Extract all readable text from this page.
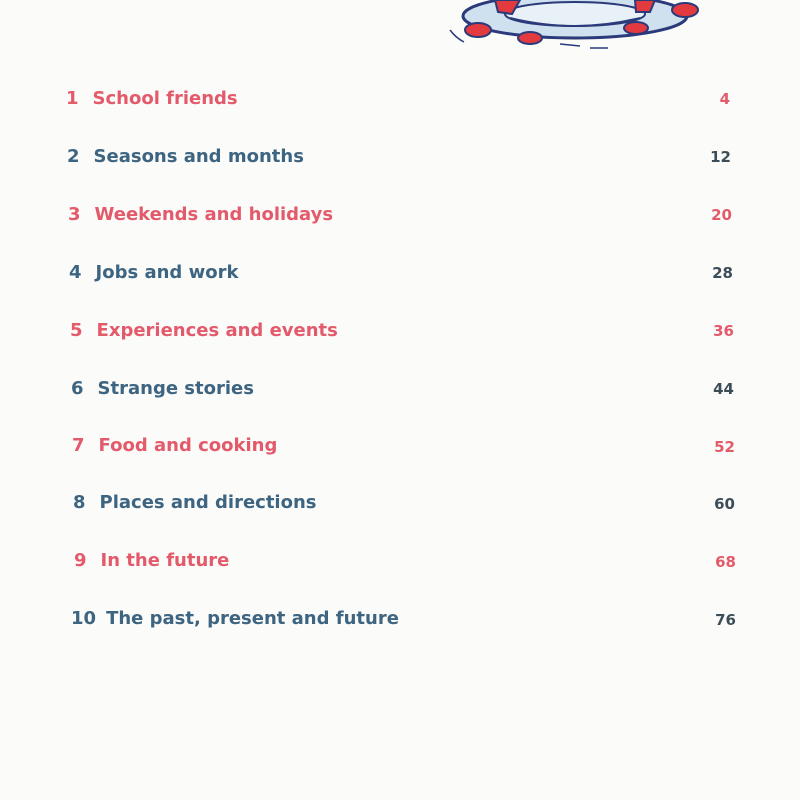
1 School friends	4
2 Seasons and months	12
3 Weekends and holidays	20
4 Jobs and work	28
5 Experiences and events	36
6 Strange stories	44
7 Food and cooking	52
8 Places and directions	60
9 In the future	68
10 The past, present and future	76
